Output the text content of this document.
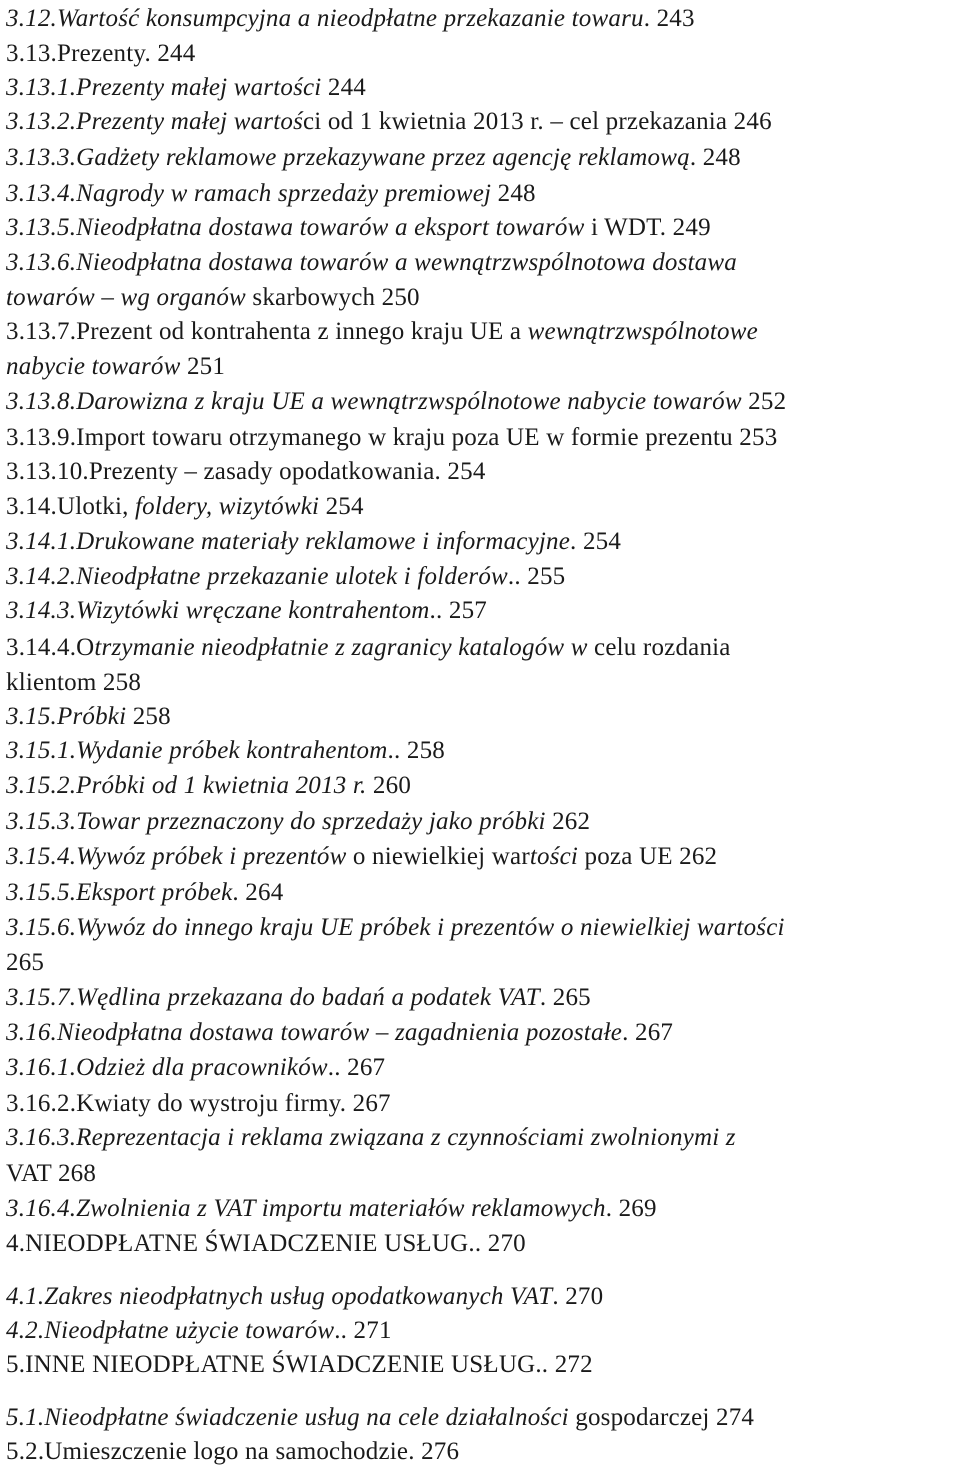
3.12.Wartość konsumpcyjna a nieodpłatne przekazanie towaru. 243
3.13.Prezenty. 244
3.13.1.Prezenty małej wartości 244
3.13.2.Prezenty małej wartości od 1 kwietnia 2013 r. – cel przekazania 246
3.13.3.Gadżety reklamowe przekazywane przez agencję reklamową. 248
3.13.4.Nagrody w ramach sprzedaży premiowej 248
3.13.5.Nieodpłatna dostawa towarów a eksport towarów i WDT. 249
3.13.6.Nieodpłatna dostawa towarów a wewnątrzwspólnotowa dostawa
towarów – wg organów skarbowych 250
3.13.7.Prezent od kontrahenta z innego kraju UE a wewnątrzwspólnotowe
nabycie towarów 251
3.13.8.Darowizna z kraju UE a wewnątrzwspólnotowe nabycie towarów 252
3.13.9.Import towaru otrzymanego w kraju poza UE w formie prezentu 253
3.13.10.Prezenty – zasady opodatkowania. 254
3.14.Ulotki, foldery, wizytówki 254
3.14.1.Drukowane materiały reklamowe i informacyjne. 254
3.14.2.Nieodpłatne przekazanie ulotek i folderów.. 255
3.14.3.Wizytówki wręczane kontrahentom.. 257
3.14.4.Otrzymanie nieodpłatnie z zagranicy katalogów w celu rozdania
klientom 258
3.15.Próbki 258
3.15.1.Wydanie próbek kontrahentom.. 258
3.15.2.Próbki od 1 kwietnia 2013 r. 260
3.15.3.Towar przeznaczony do sprzedaży jako próbki 262
3.15.4.Wywóz próbek i prezentów o niewielkiej wartości poza UE 262
3.15.5.Eksport próbek. 264
3.15.6.Wywóz do innego kraju UE próbek i prezentów o niewielkiej wartości
265
3.15.7.Wędlina przekazana do badań a podatek VAT. 265
3.16.Nieodpłatna dostawa towarów – zagadnienia pozostałe. 267
3.16.1.Odzież dla pracowników.. 267
3.16.2.Kwiaty do wystroju firmy. 267
3.16.3.Reprezentacja i reklama związana z czynnościami zwolnionymi z
VAT 268
3.16.4.Zwolnienia z VAT importu materiałów reklamowych. 269
4.NIEODPŁATNE ŚWIADCZENIE USŁUG.. 270
4.1.Zakres nieodpłatnych usług opodatkowanych VAT. 270
4.2.Nieodpłatne użycie towarów.. 271
5.INNE NIEODPŁATNE ŚWIADCZENIE USŁUG.. 272
5.1.Nieodpłatne świadczenie usług na cele działalności gospodarczej 274
5.2.Umieszczenie logo na samochodzie. 276
